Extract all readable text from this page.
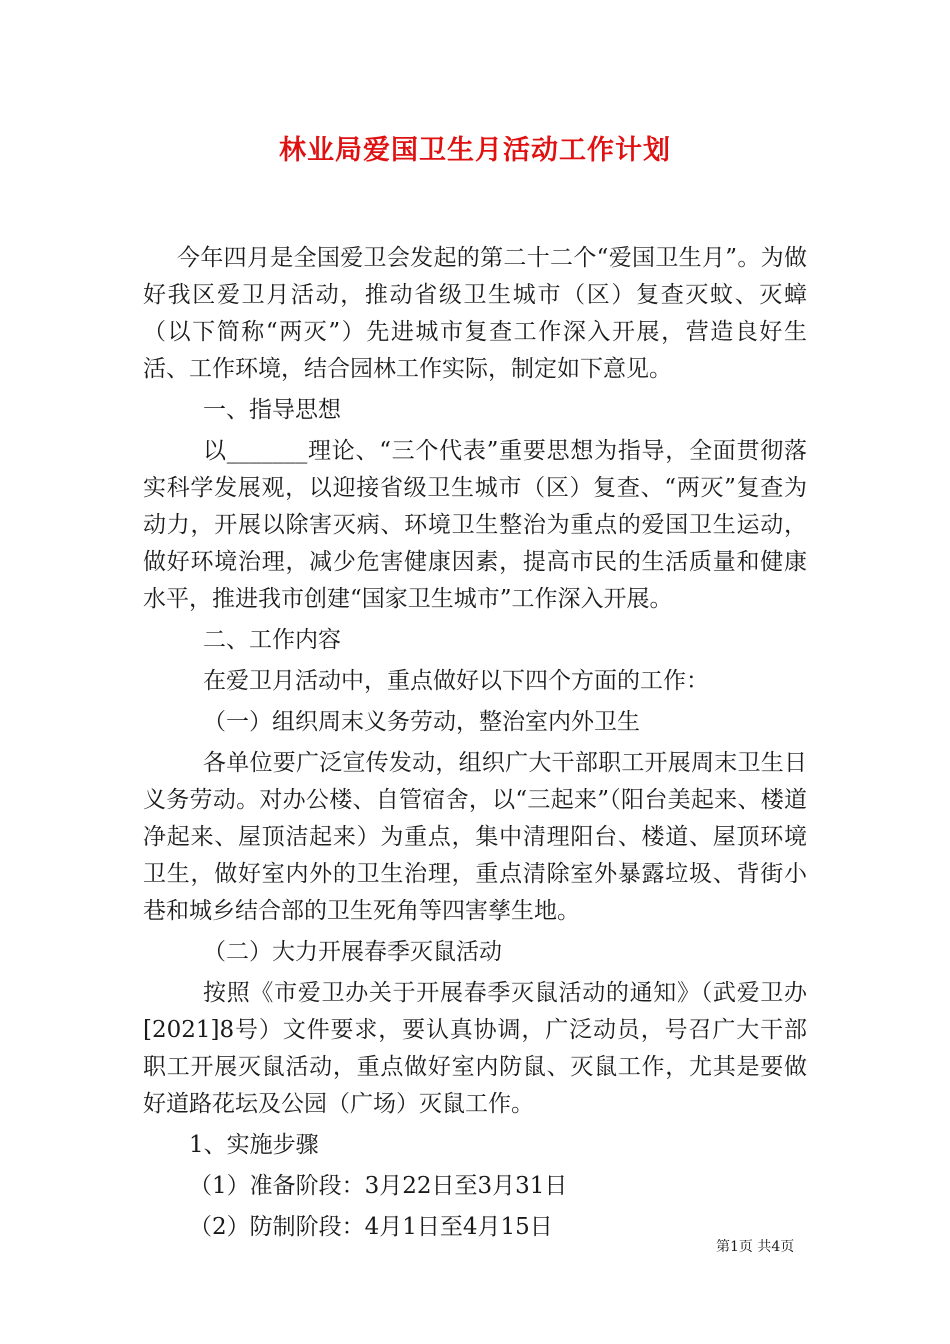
林业局爱国卫生月活动工作计划

今年四月是全国爱卫会发起的第二十二个“爱国卫生月”。为做好我区爱卫月活动，推动省级卫生城市（区）复查灭蚊、灭蟑（以下简称“两灭”）先进城市复查工作深入开展，营造良好生活、工作环境，结合园林工作实际，制定如下意见。

一、指导思想

以_______理论、“三个代表”重要思想为指导，全面贯彻落实科学发展观，以迎接省级卫生城市（区）复查、“两灭”复查为动力，开展以除害灭病、环境卫生整治为重点的爱国卫生运动，做好环境治理，减少危害健康因素，提高市民的生活质量和健康水平，推进我市创建“国家卫生城市”工作深入开展。

二、工作内容

在爱卫月活动中，重点做好以下四个方面的工作：

（一）组织周末义务劳动，整治室内外卫生

各单位要广泛宣传发动，组织广大干部职工开展周末卫生日义务劳动。对办公楼、自管宿舍，以“三起来”（阳台美起来、楼道净起来、屋顶洁起来）为重点，集中清理阳台、楼道、屋顶环境卫生，做好室内外的卫生治理，重点清除室外暴露垃圾、背街小巷和城乡结合部的卫生死角等四害孳生地。

（二）大力开展春季灭鼠活动

按照《市爱卫办关于开展春季灭鼠活动的通知》（武爱卫办[2021]8号）文件要求，要认真协调，广泛动员，号召广大干部职工开展灭鼠活动，重点做好室内防鼠、灭鼠工作，尤其是要做好道路花坛及公园（广场）灭鼠工作。

1、实施步骤

（1）准备阶段：3月22日至3月31日

（2）防制阶段：4月1日至4月15日

第1页 共4页
